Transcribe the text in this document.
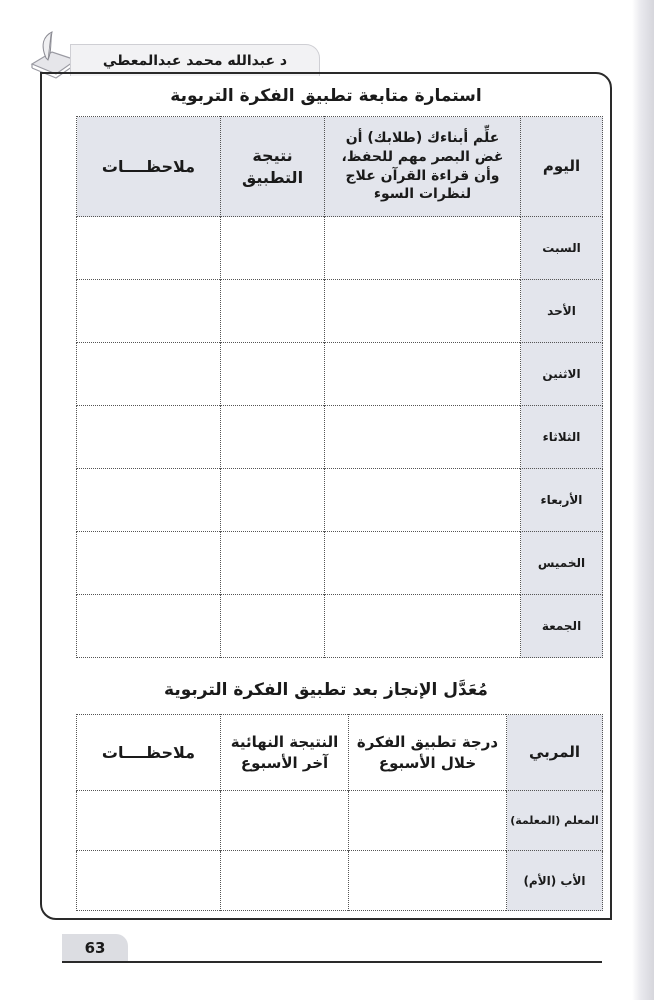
د عبدالله محمد عبدالمعطي
استمارة متابعة تطبيق الفكرة التربوية
اليوم	علِّم أبناءك (طلابك) أن غض البصر مهم للحفظ، وأن قراءة القرآن علاج لنظرات السوء	نتيجة التطبيق	ملاحظــــات
السبت			
الأحد			
الاثنين			
الثلاثاء			
الأربعاء			
الخميس			
الجمعة			
مُعَدَّل الإنجاز بعد تطبيق الفكرة التربوية
المربي	درجة تطبيق الفكرة خلال الأسبوع	النتيجة النهائية آخر الأسبوع	ملاحظــــات
المعلم (المعلمة)			
الأب (الأم)			
63
